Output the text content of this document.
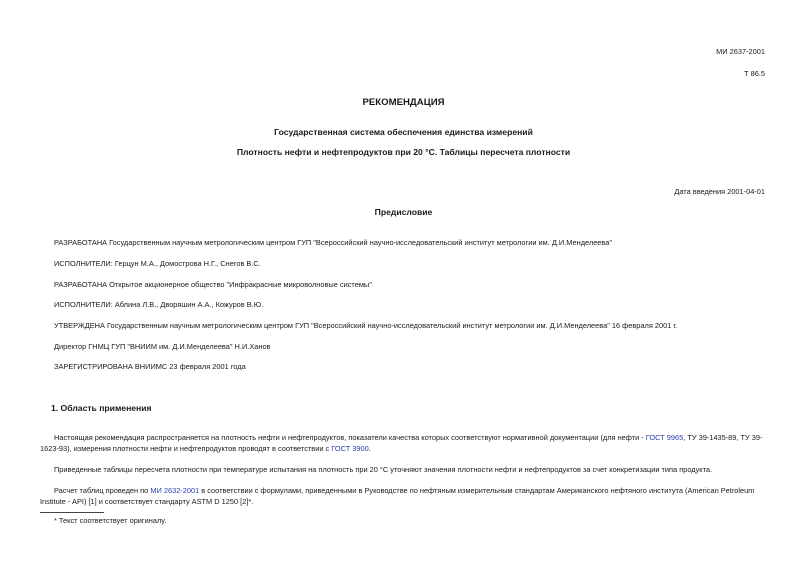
МИ 2637-2001
Т 86.5
РЕКОМЕНДАЦИЯ
Государственная система обеспечения единства измерений
Плотность нефти и нефтепродуктов при 20 °С. Таблицы пересчета плотности
Дата введения 2001-04-01
Предисловие
РАЗРАБОТАНА Государственным научным метрологическим центром ГУП "Всероссийский научно-исследовательский институт метрологии им. Д.И.Менделеева"
ИСПОЛНИТЕЛИ: Герцун М.А., Домострова Н.Г., Снегов В.С.
РАЗРАБОТАНА Открытое акционерное общество "Инфракрасные микроволновые системы"
ИСПОЛНИТЕЛИ: Аблина Л.В., Дворяшин А.А., Кожуров В.Ю.
УТВЕРЖДЕНА Государственным научным метрологическим центром ГУП "Всероссийский научно-исследовательский институт метрологии им. Д.И.Менделеева" 16 февраля 2001 г.
Директор ГНМЦ ГУП "ВНИИМ им. Д.И.Менделеева" Н.И.Ханов
ЗАРЕГИСТРИРОВАНА ВНИИМС 23 февраля 2001 года
1. Область применения
Настоящая рекомендация распространяется на плотность нефти и нефтепродуктов, показатели качества которых соответствуют нормативной документации (для нефти - ГОСТ 9965, ТУ 39-1435-89, ТУ 39-1623-93), измерения плотности нефти и нефтепродуктов проводят в соответствии с ГОСТ 3900.
Приведенные таблицы пересчета плотности при температуре испытания на плотность при 20 °С уточняют значения плотности нефти и нефтепродуктов за счет конкретизации типа продукта.
Расчет таблиц проведен по МИ 2632-2001 в соответствии с формулами, приведенными в Руководстве по нефтяным измерительным стандартам Американского нефтяного института (American Petroleum Institute - API) [1] и соответствует стандарту ASTM D 1250 [2]*.
* Текст соответствует оригиналу.
